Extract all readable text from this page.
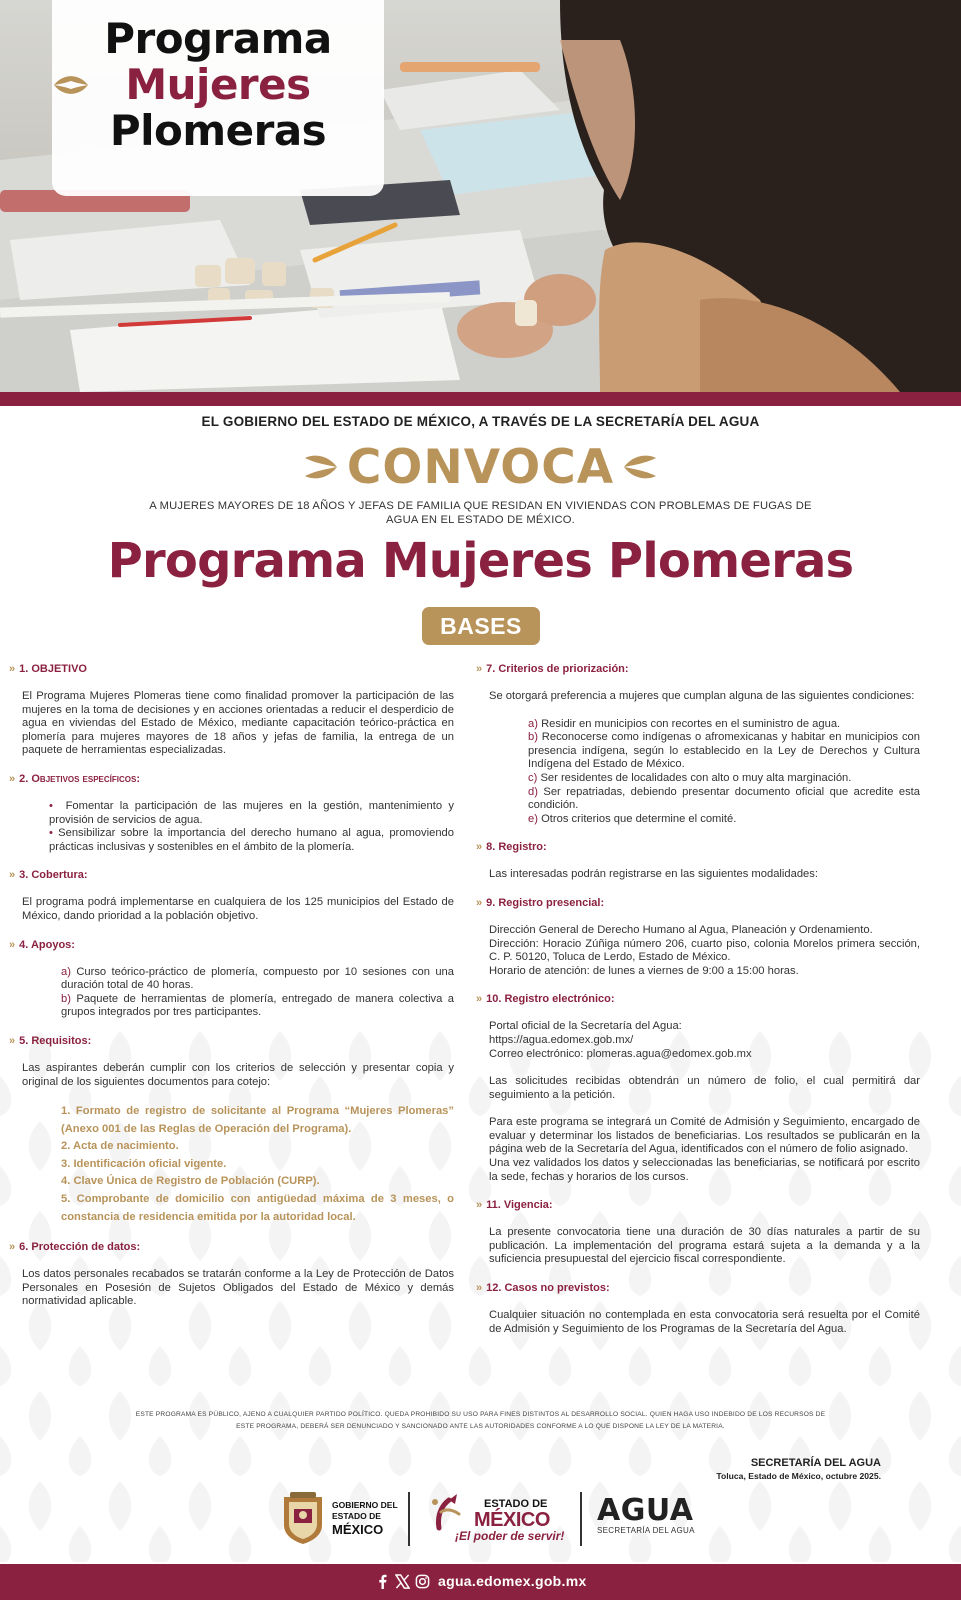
Programa
Mujeres
Plomeras
EL GOBIERNO DEL ESTADO DE MÉXICO, A TRAVÉS DE LA SECRETARÍA DEL AGUA
CONVOCA
A MUJERES MAYORES DE 18 AÑOS Y JEFAS DE FAMILIA QUE RESIDAN EN VIVIENDAS CON PROBLEMAS DE FUGAS DE AGUA EN EL ESTADO DE MÉXICO.
Programa Mujeres Plomeras
BASES
» 1. OBJETIVO
El Programa Mujeres Plomeras tiene como finalidad promover la participación de las mujeres en la toma de decisiones y en acciones orientadas a reducir el desperdicio de agua en viviendas del Estado de México, mediante capacitación teórico-práctica en plomería para mujeres mayores de 18 años y jefas de familia, la entrega de un paquete de herramientas especializadas.
» 2. Objetivos específicos:
•  Fomentar la participación de las mujeres en la gestión, mantenimiento y provisión de servicios de agua.
• Sensibilizar sobre la importancia del derecho humano al agua, promoviendo prácticas inclusivas y sostenibles en el ámbito de la plomería.
» 3. Cobertura:
El programa podrá implementarse en cualquiera de los 125 municipios del Estado de México, dando prioridad a la población objetivo.
» 4. Apoyos:
a) Curso teórico-práctico de plomería, compuesto por 10 sesiones con una duración total de 40 horas.
b) Paquete de herramientas de plomería, entregado de manera colectiva a grupos integrados por tres participantes.
» 5. Requisitos:
Las aspirantes deberán cumplir con los criterios de selección y presentar copia y original de los siguientes documentos para cotejo:
1. Formato de registro de solicitante al Programa “Mujeres Plomeras” (Anexo 001 de las Reglas de Operación del Programa).
2. Acta de nacimiento.
3. Identificación oficial vigente.
4. Clave Única de Registro de Población (CURP).
5. Comprobante de domicilio con antigüedad máxima de 3 meses, o constancia de residencia emitida por la autoridad local.
» 6. Protección de datos:
Los datos personales recabados se tratarán conforme a la Ley de Protección de Datos Personales en Posesión de Sujetos Obligados del Estado de México y demás normatividad aplicable.
» 7. Criterios de priorización:
Se otorgará preferencia a mujeres que cumplan alguna de las siguientes condiciones:
a) Residir en municipios con recortes en el suministro de agua.
b) Reconocerse como indígenas o afromexicanas y habitar en municipios con presencia indígena, según lo establecido en la Ley de Derechos y Cultura Indígena del Estado de México.
c) Ser residentes de localidades con alto o muy alta marginación.
d) Ser repatriadas, debiendo presentar documento oficial que acredite esta condición.
e) Otros criterios que determine el comité.
» 8. Registro:
Las interesadas podrán registrarse en las siguientes modalidades:
» 9. Registro presencial:
Dirección General de Derecho Humano al Agua, Planeación y Ordenamiento.
Dirección: Horacio Zúñiga número 206, cuarto piso, colonia Morelos primera sección, C. P. 50120, Toluca de Lerdo, Estado de México.
Horario de atención: de lunes a viernes de 9:00 a 15:00 horas.
» 10. Registro electrónico:
Portal oficial de la Secretaría del Agua:
https://agua.edomex.gob.mx/
Correo electrónico: plomeras.agua@edomex.gob.mx
Las solicitudes recibidas obtendrán un número de folio, el cual permitirá dar seguimiento a la petición.
Para este programa se integrará un Comité de Admisión y Seguimiento, encargado de evaluar y determinar los listados de beneficiarias. Los resultados se publicarán en la página web de la Secretaría del Agua, identificados con el número de folio asignado.
Una vez validados los datos y seleccionadas las beneficiarias, se notificará por escrito la sede, fechas y horarios de los cursos.
» 11. Vigencia:
La presente convocatoria tiene una duración de 30 días naturales a partir de su publicación. La implementación del programa estará sujeta a la demanda y a la suficiencia presupuestal del ejercicio fiscal correspondiente.
» 12. Casos no previstos:
Cualquier situación no contemplada en esta convocatoria será resuelta por el Comité de Admisión y Seguimiento de los Programas de la Secretaría del Agua.
ESTE PROGRAMA ES PÚBLICO, AJENO A CUALQUIER PARTIDO POLÍTICO. QUEDA PROHIBIDO SU USO PARA FINES DISTINTOS AL DESARROLLO SOCIAL. QUIEN HAGA USO INDEBIDO DE LOS RECURSOS DE
ESTE PROGRAMA, DEBERÁ SER DENUNCIADO Y SANCIONADO ANTE LAS AUTORIDADES CONFORME A LO QUE DISPONE LA LEY DE LA MATERIA.
SECRETARÍA DEL AGUA
Toluca, Estado de México, octubre 2025.
GOBIERNO DEL
ESTADO DE
MÉXICO
ESTADO DE
MÉXICO
¡El poder de servir!
AGUA
SECRETARÍA DEL AGUA
agua.edomex.gob.mx
